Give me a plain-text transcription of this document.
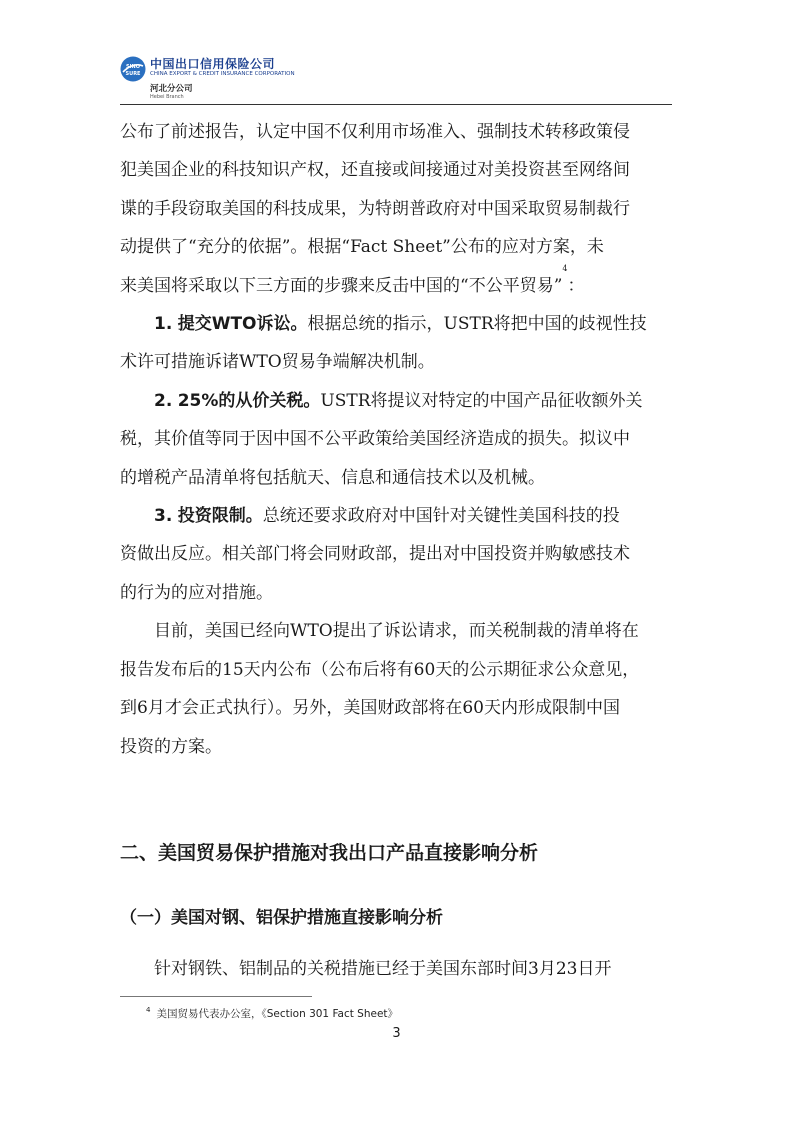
SINO
SURE
中国出口信用保险公司
CHINA EXPORT & CREDIT INSURANCE CORPORATION
河北分公司
Hebei Branch

公布了前述报告，认定中国不仅利用市场准入、强制技术转移政策侵

犯美国企业的科技知识产权，还直接或间接通过对美投资甚至网络间

谍的手段窃取美国的科技成果，为特朗普政府对中国采取贸易制裁行

动提供了“充分的依据”。根据“Fact Sheet”公布的应对方案，未

来美国将采取以下三方面的步骤来反击中国的“不公平贸易”$^4$：

1. 提交WTO诉讼。根据总统的指示，USTR将把中国的歧视性技

术许可措施诉诸WTO贸易争端解决机制。

2. 25%的从价关税。USTR将提议对特定的中国产品征收额外关

税，其价值等同于因中国不公平政策给美国经济造成的损失。拟议中

的增税产品清单将包括航天、信息和通信技术以及机械。

3. 投资限制。总统还要求政府对中国针对关键性美国科技的投

资做出反应。相关部门将会同财政部，提出对中国投资并购敏感技术

的行为的应对措施。

目前，美国已经向WTO提出了诉讼请求，而关税制裁的清单将在

报告发布后的15天内公布（公布后将有60天的公示期征求公众意见，

到6月才会正式执行）。另外，美国财政部将在60天内形成限制中国

投资的方案。

二、美国贸易保护措施对我出口产品直接影响分析
（一）美国对钢、铝保护措施直接影响分析

针对钢铁、铝制品的关税措施已经于美国东部时间3月23日开

$^4$ 美国贸易代表办公室，《Section 301 Fact Sheet》
3
